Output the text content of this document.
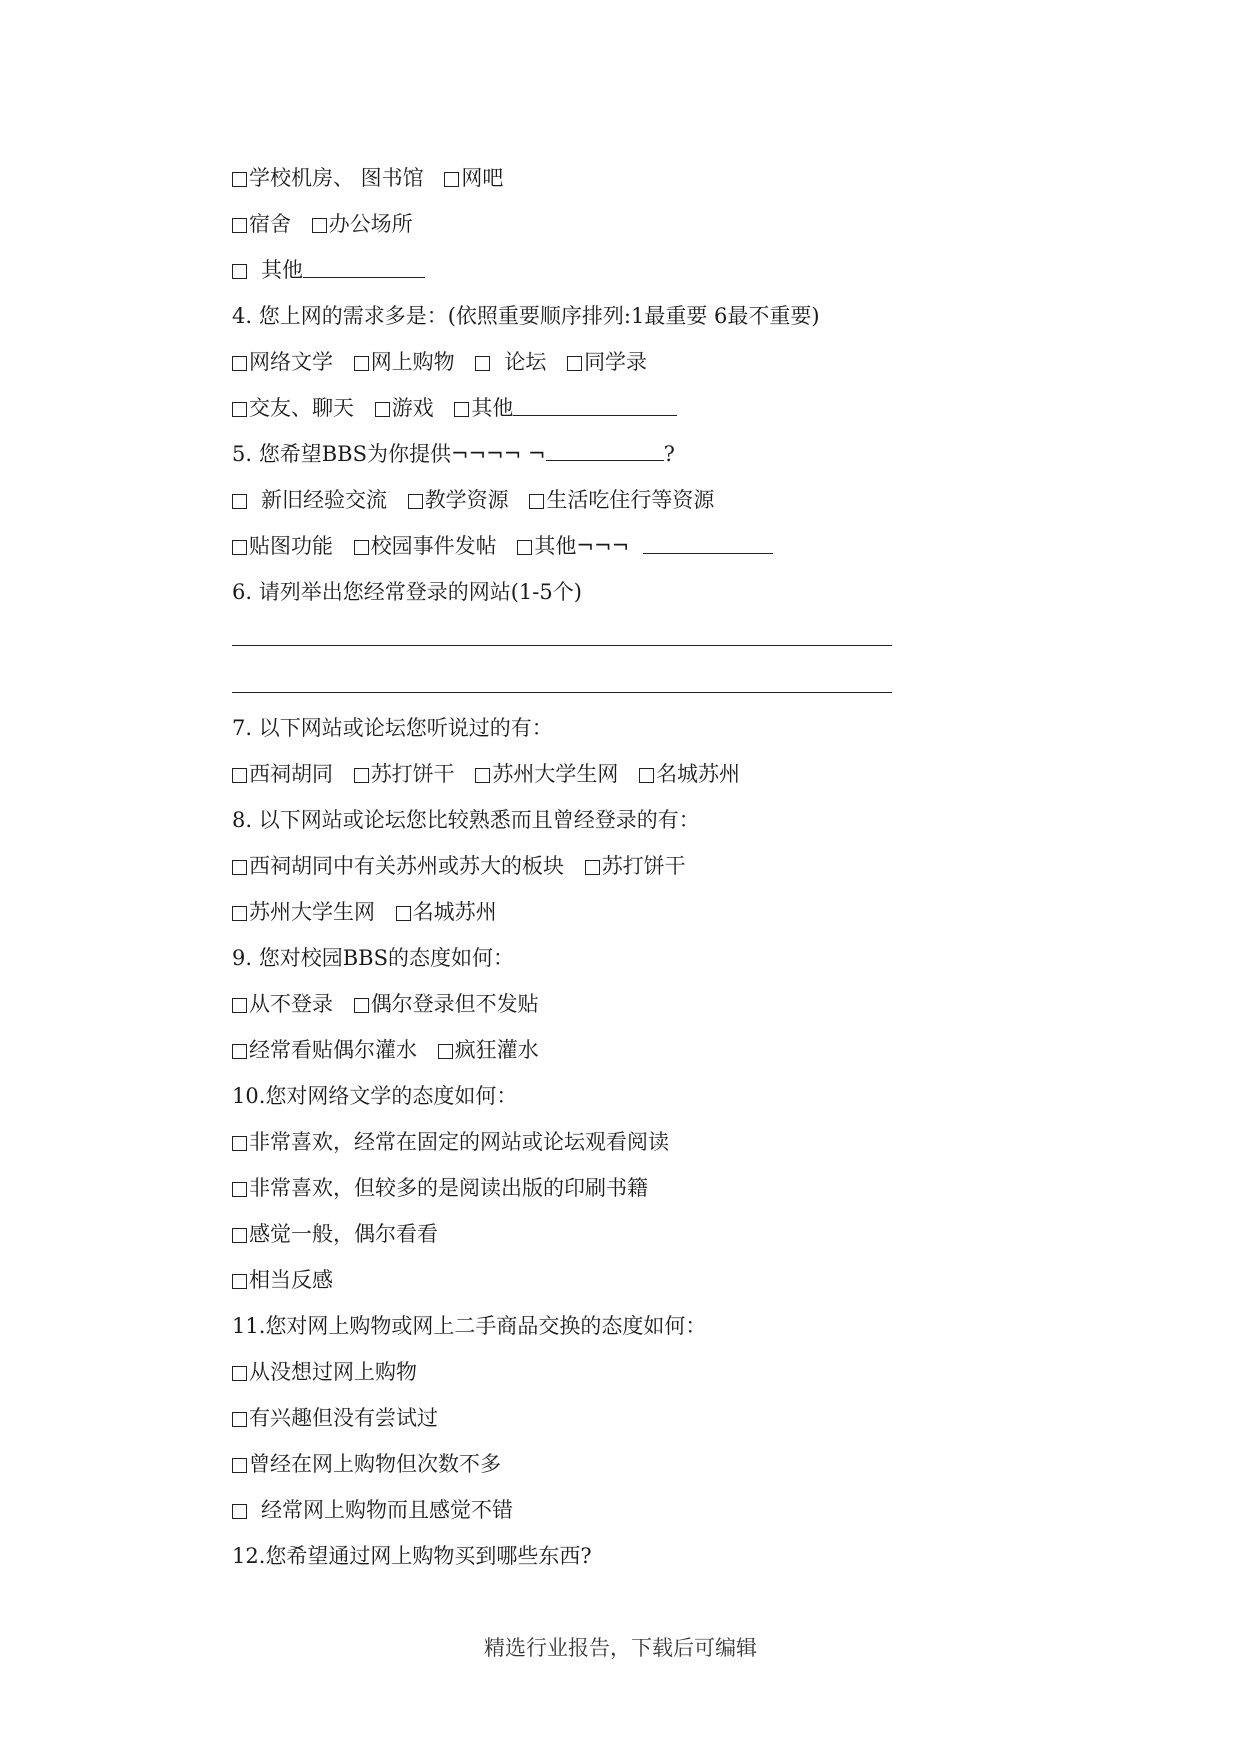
学校机房、 图书馆
网吧
宿舍
办公场所
其他
4. 您上网的需求多是：(依照重要顺序排列:1最重要 6最不重要)
网络文学
网上购物
论坛
同学录
交友、聊天
游戏
其他
5. 您希望BBS为你提供¬¬¬¬ ¬	?
新旧经验交流
教学资源
生活吃住行等资源
贴图功能
校园事件发帖
其他¬¬¬
6. 请列举出您经常登录的网站(1-5个)
7. 以下网站或论坛您听说过的有：
西祠胡同
苏打饼干
苏州大学生网
名城苏州
8. 以下网站或论坛您比较熟悉而且曾经登录的有：
西祠胡同中有关苏州或苏大的板块
苏打饼干
苏州大学生网
名城苏州
9. 您对校园BBS的态度如何：
从不登录
偶尔登录但不发贴
经常看贴偶尔灌水
疯狂灌水
10.您对网络文学的态度如何：
非常喜欢，经常在固定的网站或论坛观看阅读
非常喜欢，但较多的是阅读出版的印刷书籍
感觉一般，偶尔看看
相当反感
11.您对网上购物或网上二手商品交换的态度如何：
从没想过网上购物
有兴趣但没有尝试过
曾经在网上购物但次数不多
经常网上购物而且感觉不错
12.您希望通过网上购物买到哪些东西?
精选行业报告，下载后可编辑
